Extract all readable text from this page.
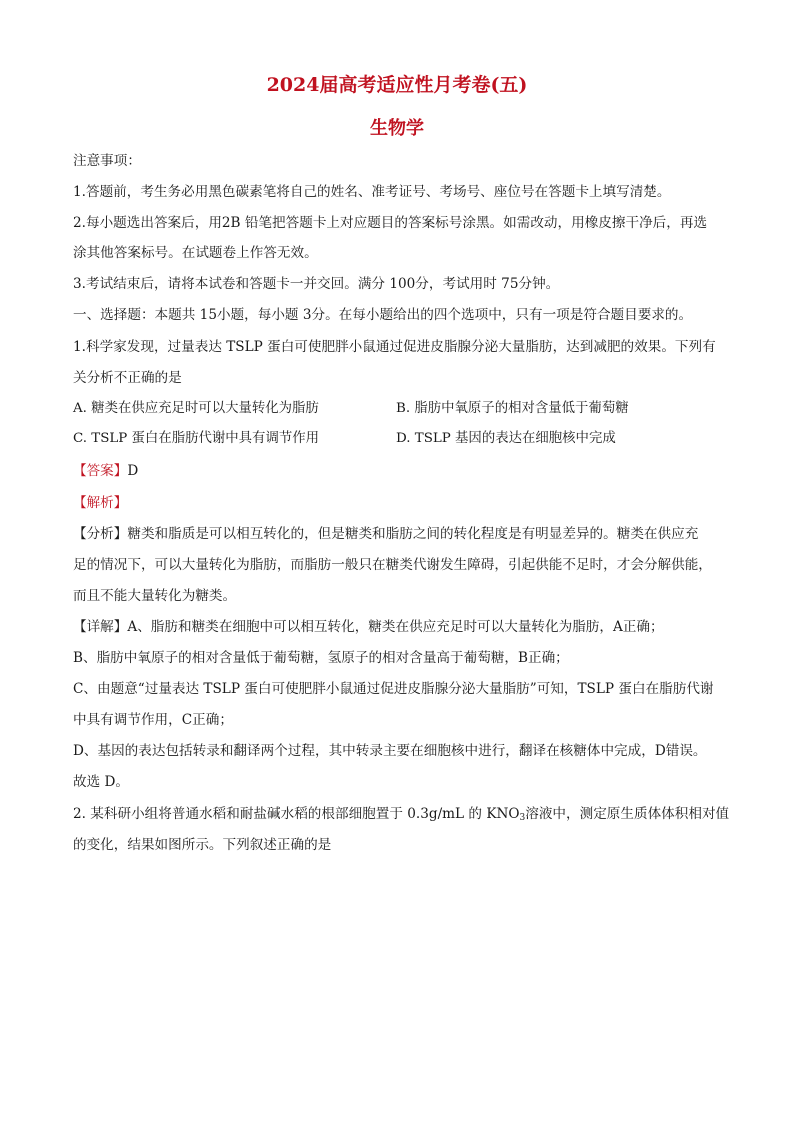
2024届高考适应性月考卷(五)
生物学
注意事项：
1.答题前，考生务必用黑色碳素笔将自己的姓名、准考证号、考场号、座位号在答题卡上填写清楚。
2.每小题选出答案后，用2B 铅笔把答题卡上对应题目的答案标号涂黑。如需改动，用橡皮擦干净后，再选
涂其他答案标号。在试题卷上作答无效。
3.考试结束后，请将本试卷和答题卡一并交回。满分 100分，考试用时 75分钟。
一、选择题：本题共 15小题，每小题 3分。在每小题给出的四个选项中，只有一项是符合题目要求的。
1.科学家发现，过量表达 TSLP 蛋白可使肥胖小鼠通过促进皮脂腺分泌大量脂肪，达到减肥的效果。下列有
关分析不正确的是
A. 糖类在供应充足时可以大量转化为脂肪	B. 脂肪中氧原子的相对含量低于葡萄糖
C. TSLP 蛋白在脂肪代谢中具有调节作用	D. TSLP 基因的表达在细胞核中完成
【答案】D
【解析】
【分析】糖类和脂质是可以相互转化的，但是糖类和脂肪之间的转化程度是有明显差异的。糖类在供应充
足的情况下，可以大量转化为脂肪，而脂肪一般只在糖类代谢发生障碍，引起供能不足时，才会分解供能，
而且不能大量转化为糖类。
【详解】A、脂肪和糖类在细胞中可以相互转化，糖类在供应充足时可以大量转化为脂肪，A正确；
B、脂肪中氧原子的相对含量低于葡萄糖，氢原子的相对含量高于葡萄糖，B正确；
C、由题意“过量表达 TSLP 蛋白可使肥胖小鼠通过促进皮脂腺分泌大量脂肪”可知，TSLP 蛋白在脂肪代谢
中具有调节作用，C正确；
D、基因的表达包括转录和翻译两个过程，其中转录主要在细胞核中进行，翻译在核糖体中完成，D错误。
故选 D。
2. 某科研小组将普通水稻和耐盐碱水稻的根部细胞置于 0.3g/mL 的 $KNO_3$溶液中，测定原生质体体积相对值
的变化，结果如图所示。下列叙述正确的是
